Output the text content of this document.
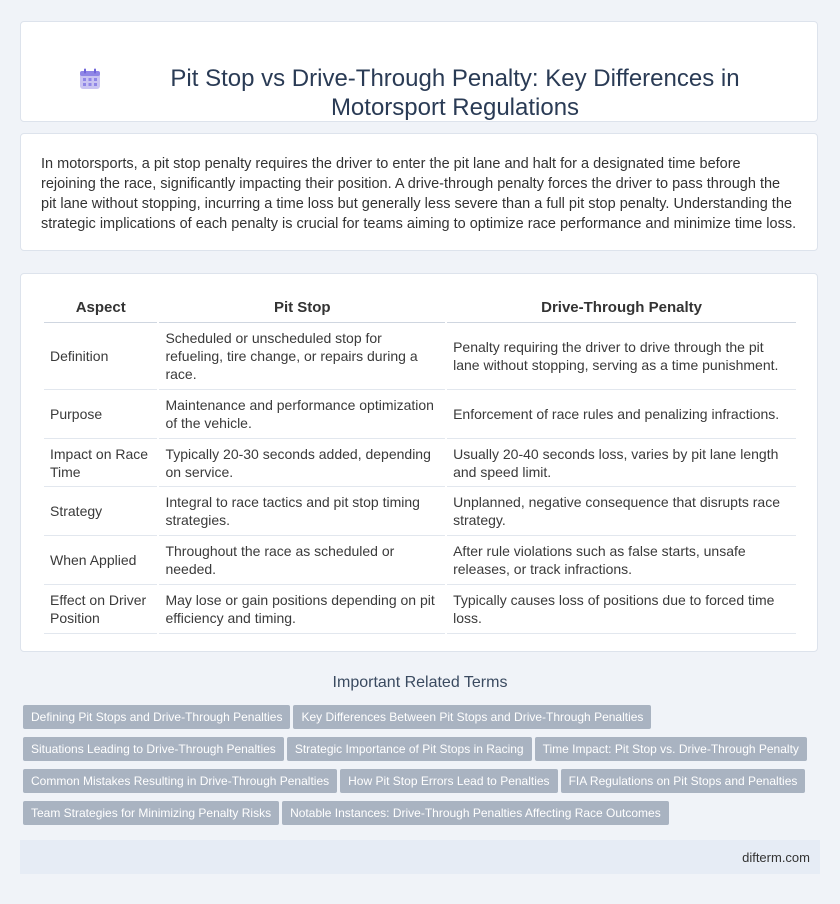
Pit Stop vs Drive-Through Penalty: Key Differences in Motorsport Regulations

In motorsports, a pit stop penalty requires the driver to enter the pit lane and halt for a designated time before rejoining the race, significantly impacting their position. A drive-through penalty forces the driver to pass through the pit lane without stopping, incurring a time loss but generally less severe than a full pit stop penalty. Understanding the strategic implications of each penalty is crucial for teams aiming to optimize race performance and minimize time loss.

Aspect	Pit Stop	Drive-Through Penalty
Definition	Scheduled or unscheduled stop for refueling, tire change, or repairs during a race.	Penalty requiring the driver to drive through the pit lane without stopping, serving as a time punishment.
Purpose	Maintenance and performance optimization of the vehicle.	Enforcement of race rules and penalizing infractions.
Impact on Race Time	Typically 20-30 seconds added, depending on service.	Usually 20-40 seconds loss, varies by pit lane length and speed limit.
Strategy	Integral to race tactics and pit stop timing strategies.	Unplanned, negative consequence that disrupts race strategy.
When Applied	Throughout the race as scheduled or needed.	After rule violations such as false starts, unsafe releases, or track infractions.
Effect on Driver Position	May lose or gain positions depending on pit efficiency and timing.	Typically causes loss of positions due to forced time loss.
Important Related Terms
Defining Pit Stops and Drive-Through Penalties Key Differences Between Pit Stops and Drive-Through Penalties
Situations Leading to Drive-Through Penalties Strategic Importance of Pit Stops in Racing Time Impact: Pit Stop vs. Drive-Through Penalty
Common Mistakes Resulting in Drive-Through Penalties How Pit Stop Errors Lead to Penalties FIA Regulations on Pit Stops and Penalties
Team Strategies for Minimizing Penalty Risks Notable Instances: Drive-Through Penalties Affecting Race Outcomes
difterm.com
